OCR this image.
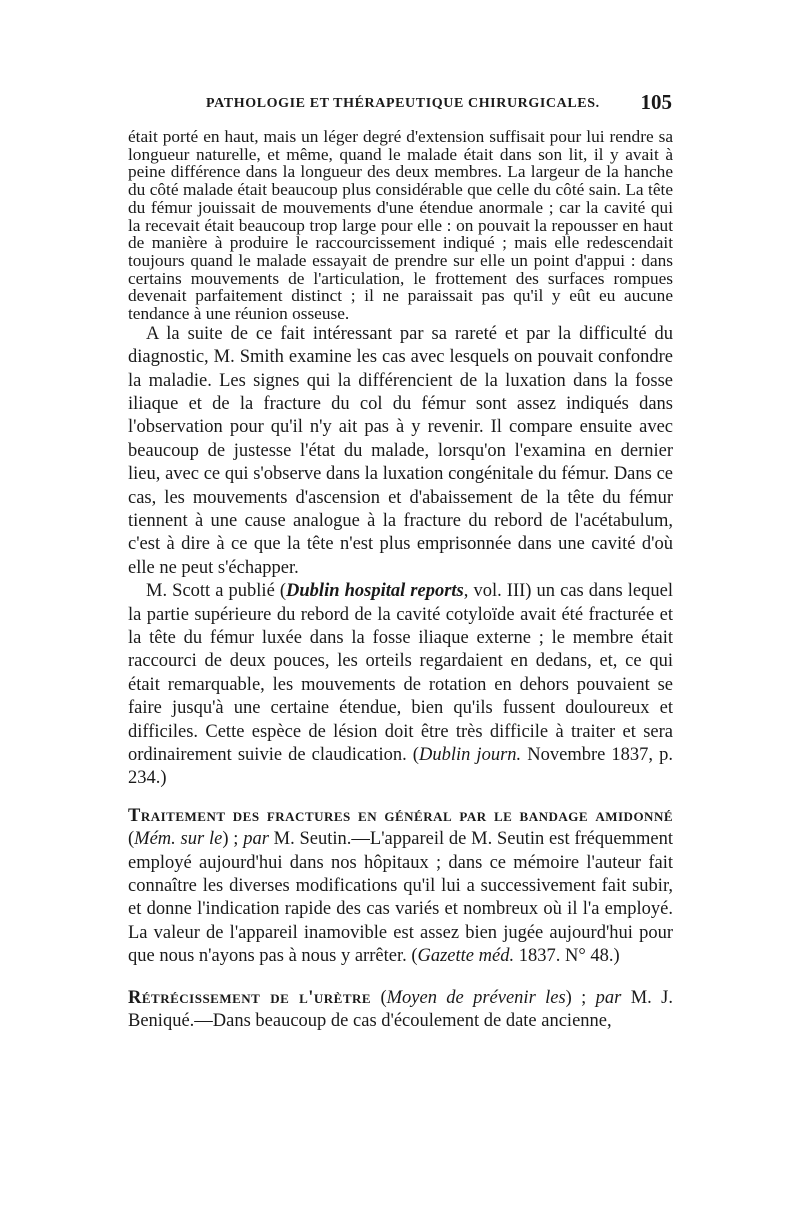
PATHOLOGIE ET THÉRAPEUTIQUE CHIRURGICALES. 105

était porté en haut, mais un léger degré d'extension suffisait pour lui rendre sa longueur naturelle, et même, quand le malade était dans son lit, il y avait à peine différence dans la longueur des deux membres. La largeur de la hanche du côté malade était beaucoup plus considérable que celle du côté sain. La tête du fémur jouissait de mouvements d'une étendue anormale ; car la cavité qui la recevait était beaucoup trop large pour elle : on pouvait la repousser en haut de manière à produire le raccourcissement indiqué ; mais elle redescendait toujours quand le malade essayait de prendre sur elle un point d'appui : dans certains mouvements de l'articulation, le frottement des surfaces rompues devenait parfaitement distinct ; il ne paraissait pas qu'il y eût eu aucune tendance à une réunion osseuse.

A la suite de ce fait intéressant par sa rareté et par la difficulté du diagnostic, M. Smith examine les cas avec lesquels on pouvait confondre la maladie. Les signes qui la différencient de la luxation dans la fosse iliaque et de la fracture du col du fémur sont assez indiqués dans l'observation pour qu'il n'y ait pas à y revenir. Il compare ensuite avec beaucoup de justesse l'état du malade, lorsqu'on l'examina en dernier lieu, avec ce qui s'observe dans la luxation congénitale du fémur. Dans ce cas, les mouvements d'ascension et d'abaissement de la tête du fémur tiennent à une cause analogue à la fracture du rebord de l'acétabulum, c'est à dire à ce que la tête n'est plus emprisonnée dans une cavité d'où elle ne peut s'échapper.

M. Scott a publié (Dublin hospital reports, vol. III) un cas dans lequel la partie supérieure du rebord de la cavité cotyloïde avait été fracturée et la tête du fémur luxée dans la fosse iliaque externe ; le membre était raccourci de deux pouces, les orteils regardaient en dedans, et, ce qui était remarquable, les mouvements de rotation en dehors pouvaient se faire jusqu'à une certaine étendue, bien qu'ils fussent douloureux et difficiles. Cette espèce de lésion doit être très difficile à traiter et sera ordinairement suivie de claudication. (Dublin journ. Novembre 1837, p. 234.)

Traitement des fractures en général par le bandage amidonné (Mém. sur le) ; par M. Seutin.—L'appareil de M. Seutin est fréquemment employé aujourd'hui dans nos hôpitaux ; dans ce mémoire l'auteur fait connaître les diverses modifications qu'il lui a successivement fait subir, et donne l'indication rapide des cas variés et nombreux où il l'a employé. La valeur de l'appareil inamovible est assez bien jugée aujourd'hui pour que nous n'ayons pas à nous y arrêter. (Gazette méd. 1837. N° 48.)

Rétrécissement de l'urètre (Moyen de prévenir les) ; par M. J. Beniqué.—Dans beaucoup de cas d'écoulement de date ancienne,
